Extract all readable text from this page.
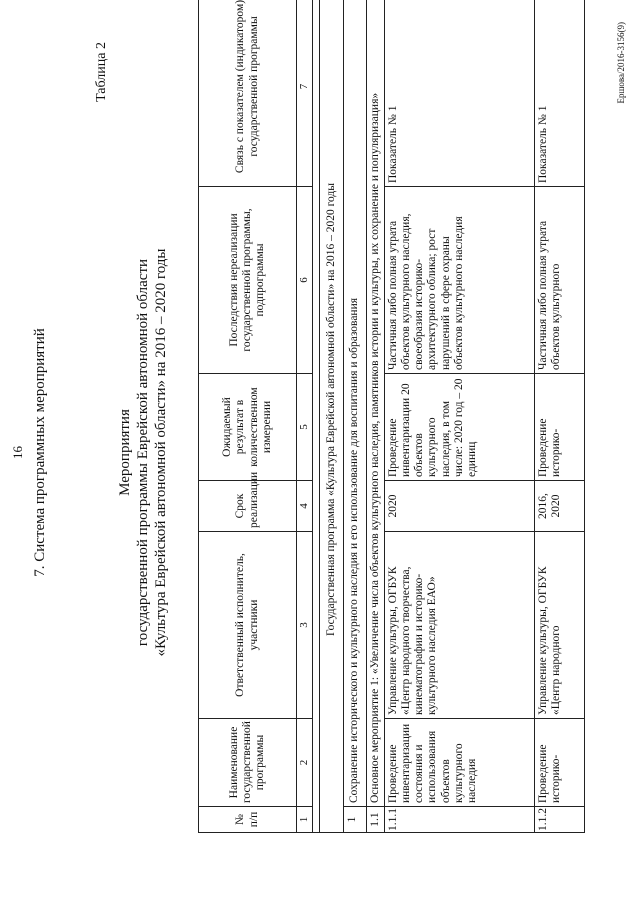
16 7. Система программных мероприятий
Таблица 2
Мероприятия государственной программы Еврейской автономной области «Культура Еврейской автономной области» на 2016 – 2020 годы
№ п/п	Наименование государственной программы	Ответственный исполнитель, участники	Срок реализации	Ожидаемый результат в количественном измерении	Последствия нереализации государственной программы, подпрограммы	Связь с показателем (индикатором) государственной программы
1	2	3	4	5	6	7

Государственная программа «Культура Еврейской автономной области» на 2016 – 2020 годы						
1	Сохранение исторического и культурного наследия и его использование для воспитания и образования					
1.1	Основное мероприятие 1: «Увеличение числа объектов культурного наследия, памятников истории и культуры, их сохранение и популяризация»					
1.1.1	Проведение инвентаризации состояния и использования объектов культурного наследия	Управление культуры, ОГБУК «Центр народного творчества, кинематографии и историко-культурного наследия ЕАО»	2020	Проведение инвентаризации 20 объектов культурного наследия, в том числе: 2020 год – 20 единиц	Частичная либо полная утрата объектов культурного наследия, своеобразия историко-архитектурного облика; рост нарушений в сфере охраны объектов культурного наследия	Показатель № 1
1.1.2	Проведение историко-	Управление культуры, ОГБУК «Центр народного	2016, 2020	Проведение историко-	Частичная либо полная утрата объектов культурного	Показатель № 1
Ершова/2016-3156(9)
